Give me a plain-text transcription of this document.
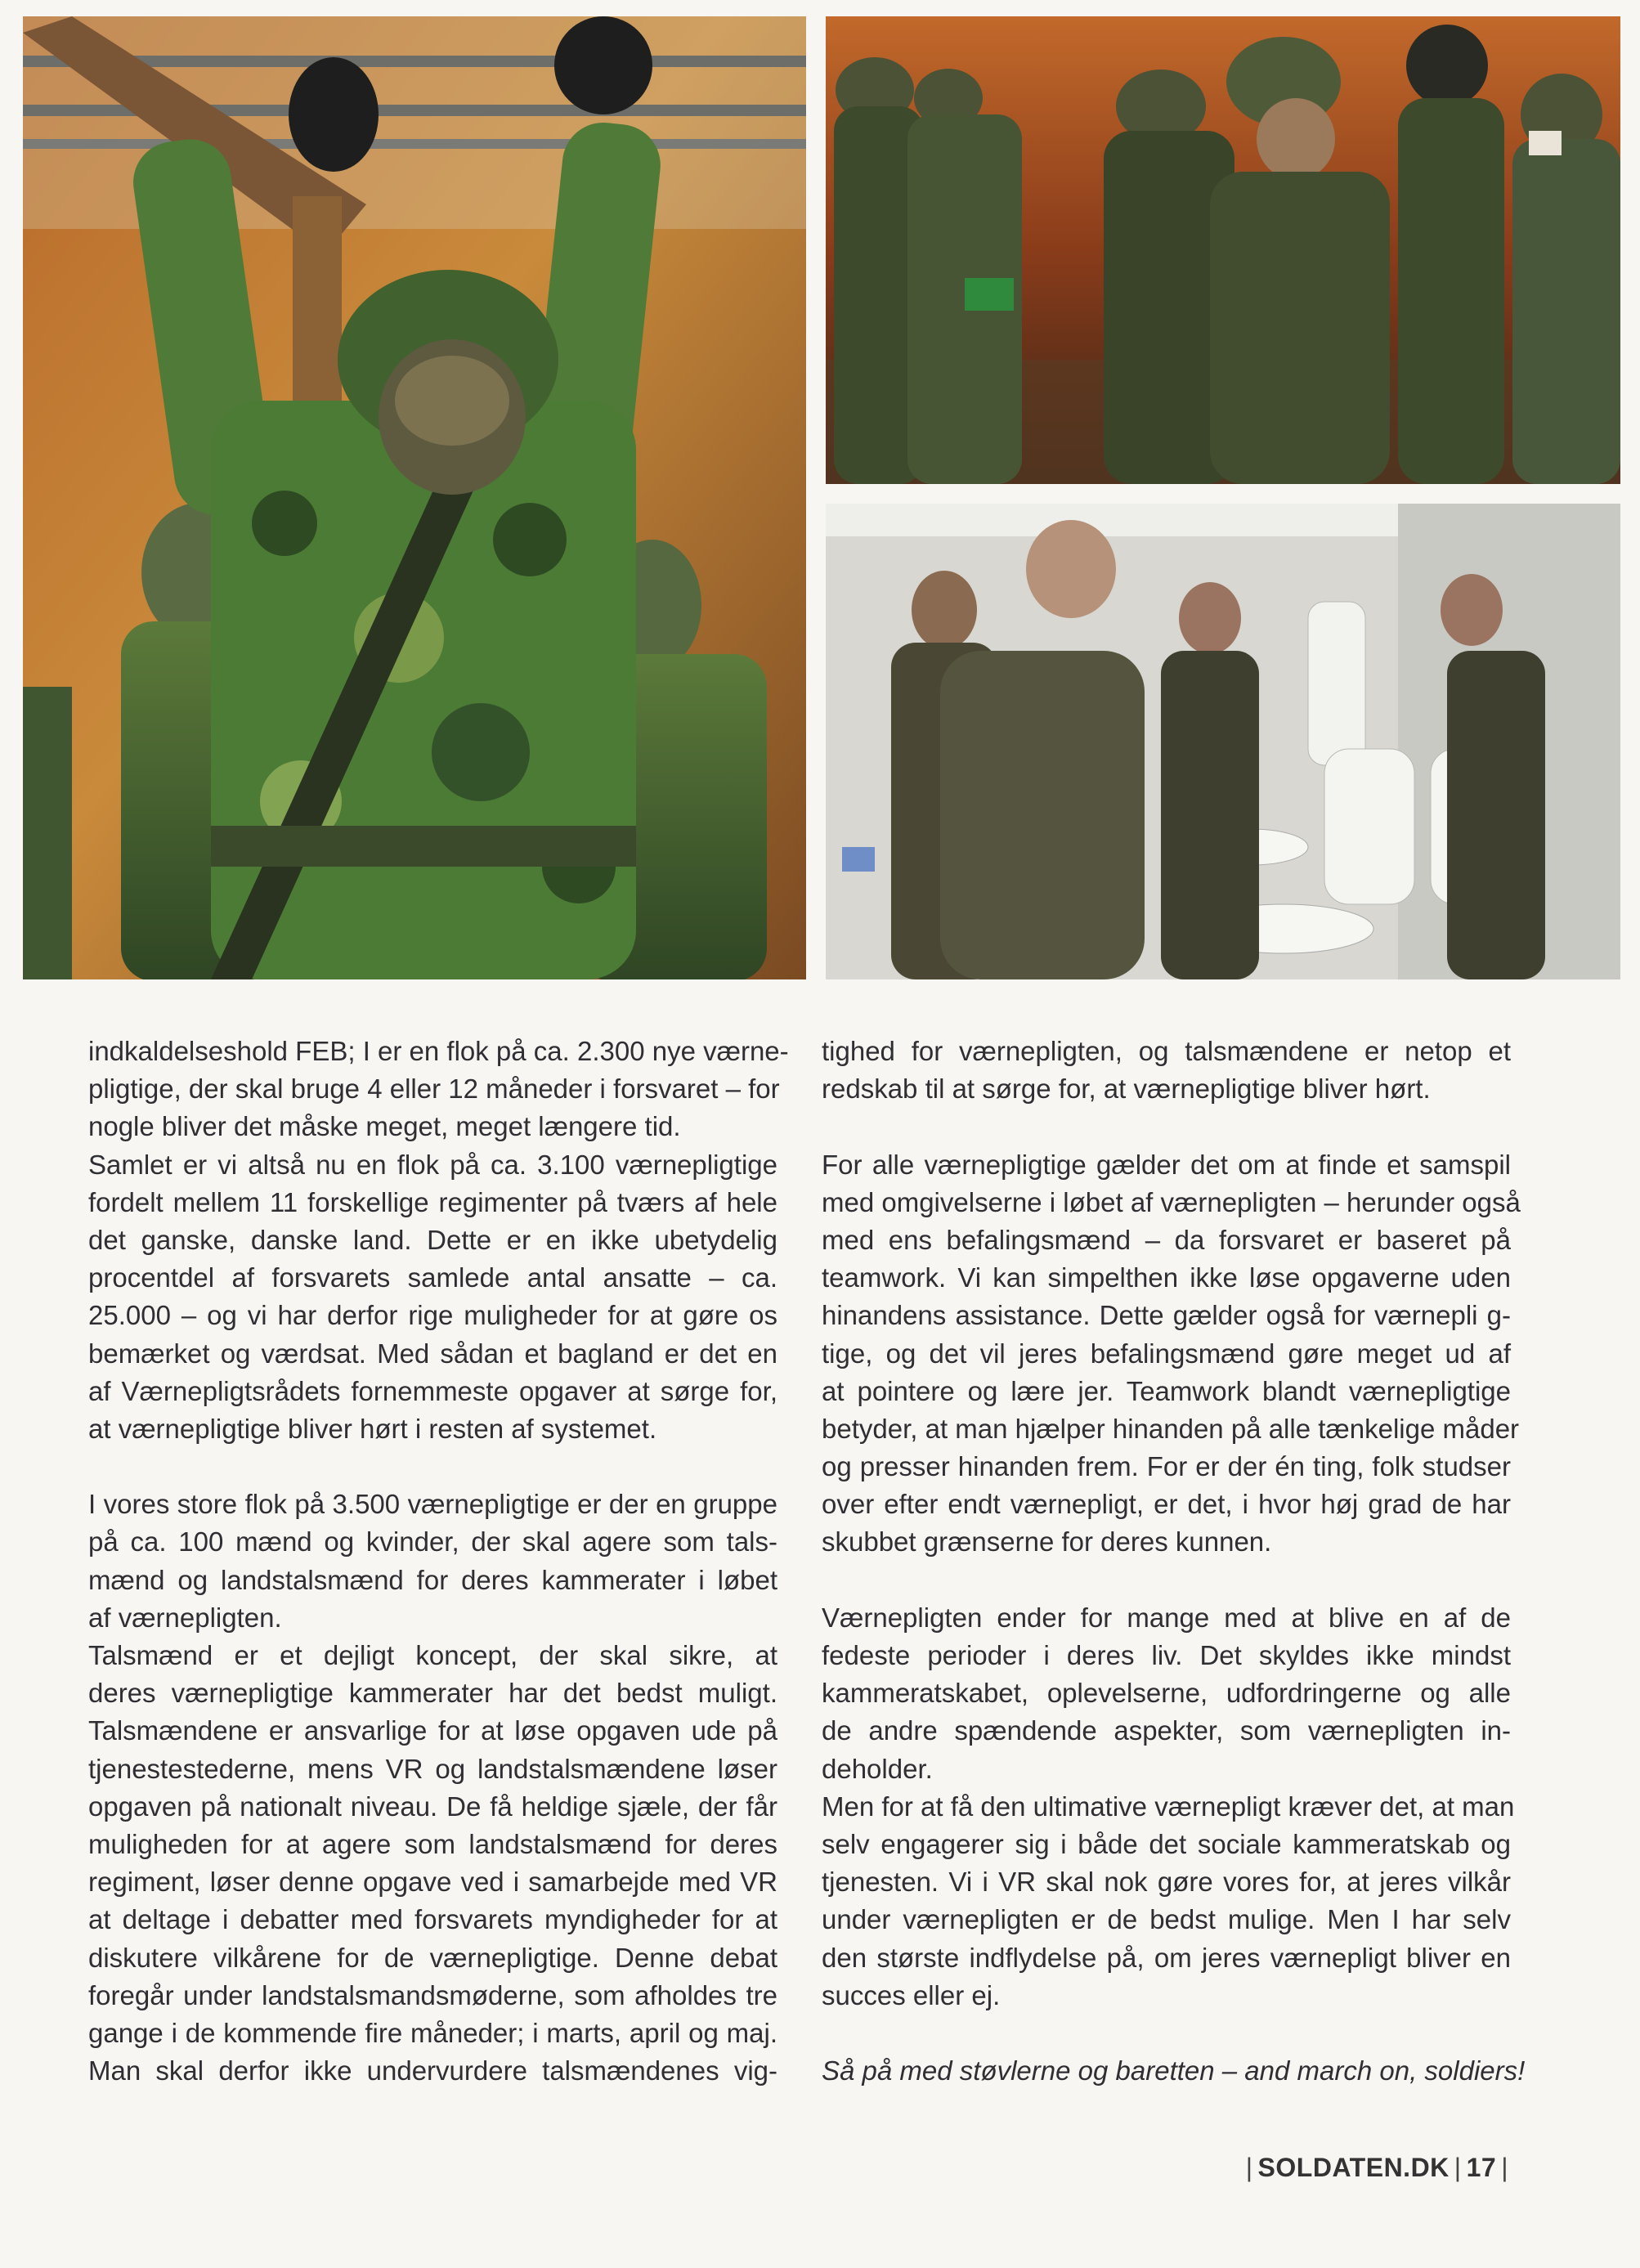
indkaldelseshold FEB; I er en flok på ca. 2.300 nye værne-
pligtige, der skal bruge 4 eller 12 måneder i forsvaret – for
nogle bliver det måske meget, meget længere tid.
Samlet er vi altså nu en flok på ca. 3.100 værnepligtige
fordelt mellem 11 forskellige regimenter på tværs af hele
det ganske, danske land. Dette er en ikke ubetydelig
procentdel af forsvarets samlede antal ansatte – ca.
25.000 – og vi har derfor rige muligheder for at gøre os
bemærket og værdsat. Med sådan et bagland er det en
af Værnepligtsrådets fornemmeste opgaver at sørge for,
at værnepligtige bliver hørt i resten af systemet.
I vores store flok på 3.500 værnepligtige er der en gruppe
på ca. 100 mænd og kvinder, der skal agere som tals-
mænd og landstalsmænd for deres kammerater i løbet
af værnepligten.
Talsmænd er et dejligt koncept, der skal sikre, at
deres værnepligtige kammerater har det bedst muligt.
Talsmændene er ansvarlige for at løse opgaven ude på
tjenestestederne, mens VR og landstalsmændene løser
opgaven på nationalt niveau. De få heldige sjæle, der får
muligheden for at agere som landstalsmænd for deres
regiment, løser denne opgave ved i samarbejde med VR
at deltage i debatter med forsvarets myndigheder for at
diskutere vilkårene for de værnepligtige. Denne debat
foregår under landstalsmandsmøderne, som afholdes tre
gange i de kommende fire måneder; i marts, april og maj.
Man skal derfor ikke undervurdere talsmændenes vig-
tighed for værnepligten, og talsmændene er netop et
redskab til at sørge for, at værnepligtige bliver hørt.
For alle værnepligtige gælder det om at finde et samspil
med omgivelserne i løbet af værnepligten – herunder også
med ens befalingsmænd – da forsvaret er baseret på
teamwork. Vi kan simpelthen ikke løse opgaverne uden
hinandens assistance. Dette gælder også for værnepli g-
tige, og det vil jeres befalingsmænd gøre meget ud af
at pointere og lære jer. Teamwork blandt værnepligtige
betyder, at man hjælper hinanden på alle tænkelige måder
og presser hinanden frem. For er der én ting, folk studser
over efter endt værnepligt, er det, i hvor høj grad de har
skubbet grænserne for deres kunnen.
Værnepligten ender for mange med at blive en af de
fedeste perioder i deres liv. Det skyldes ikke mindst
kammeratskabet, oplevelserne, udfordringerne og alle
de andre spændende aspekter, som værnepligten in-
deholder.
Men for at få den ultimative værnepligt kræver det, at man
selv engagerer sig i både det sociale kammeratskab og
tjenesten. Vi i VR skal nok gøre vores for, at jeres vilkår
under værnepligten er de bedst mulige. Men I har selv
den største indflydelse på, om jeres værnepligt bliver en
succes eller ej.
Så på med støvlerne og baretten – and march on, soldiers!
| SOLDATEN.DK | 17 |
